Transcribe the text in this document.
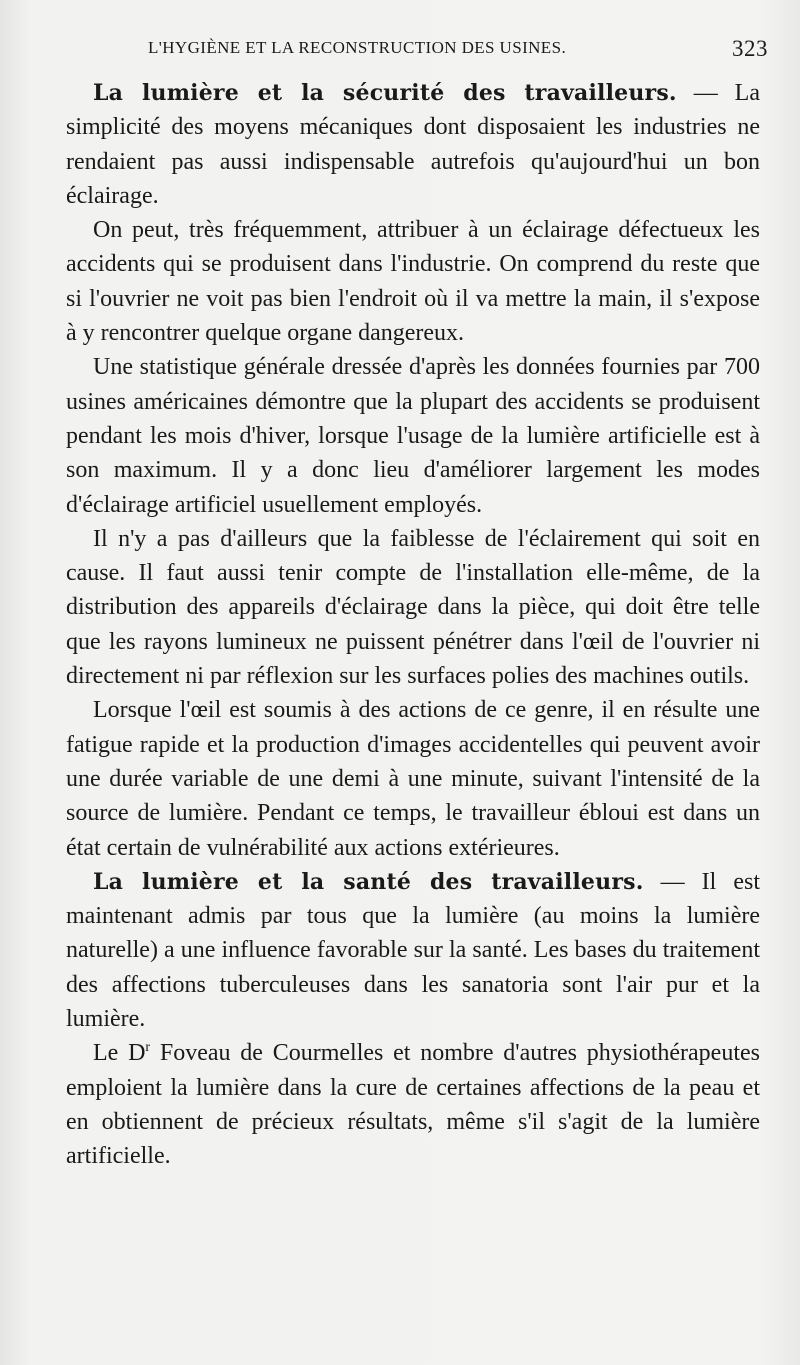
L'HYGIÈNE ET LA RECONSTRUCTION DES USINES.	323

La lumière et la sécurité des travailleurs. — La simplicité des moyens mécaniques dont disposaient les industries ne rendaient pas aussi indispensable autrefois qu'aujourd'hui un bon éclairage.

On peut, très fréquemment, attribuer à un éclairage défectueux les accidents qui se produisent dans l'industrie. On comprend du reste que si l'ouvrier ne voit pas bien l'endroit où il va mettre la main, il s'expose à y rencontrer quelque organe dangereux.

Une statistique générale dressée d'après les données fournies par 700 usines américaines démontre que la plupart des accidents se produisent pendant les mois d'hiver, lorsque l'usage de la lumière artificielle est à son maximum. Il y a donc lieu d'améliorer largement les modes d'éclairage artificiel usuellement employés.

Il n'y a pas d'ailleurs que la faiblesse de l'éclairement qui soit en cause. Il faut aussi tenir compte de l'installation elle-même, de la distribution des appareils d'éclairage dans la pièce, qui doit être telle que les rayons lumineux ne puissent pénétrer dans l'œil de l'ouvrier ni directement ni par réflexion sur les surfaces polies des machines outils.

Lorsque l'œil est soumis à des actions de ce genre, il en résulte une fatigue rapide et la production d'images accidentelles qui peuvent avoir une durée variable de une demi à une minute, suivant l'intensité de la source de lumière. Pendant ce temps, le travailleur ébloui est dans un état certain de vulnérabilité aux actions extérieures.

La lumière et la santé des travailleurs. — Il est maintenant admis par tous que la lumière (au moins la lumière naturelle) a une influence favorable sur la santé. Les bases du traitement des affections tuberculeuses dans les sanatoria sont l'air pur et la lumière.

Le $D^r$ Foveau de Courmelles et nombre d'autres physiothérapeutes emploient la lumière dans la cure de certaines affections de la peau et en obtiennent de précieux résultats, même s'il s'agit de la lumière artificielle.
